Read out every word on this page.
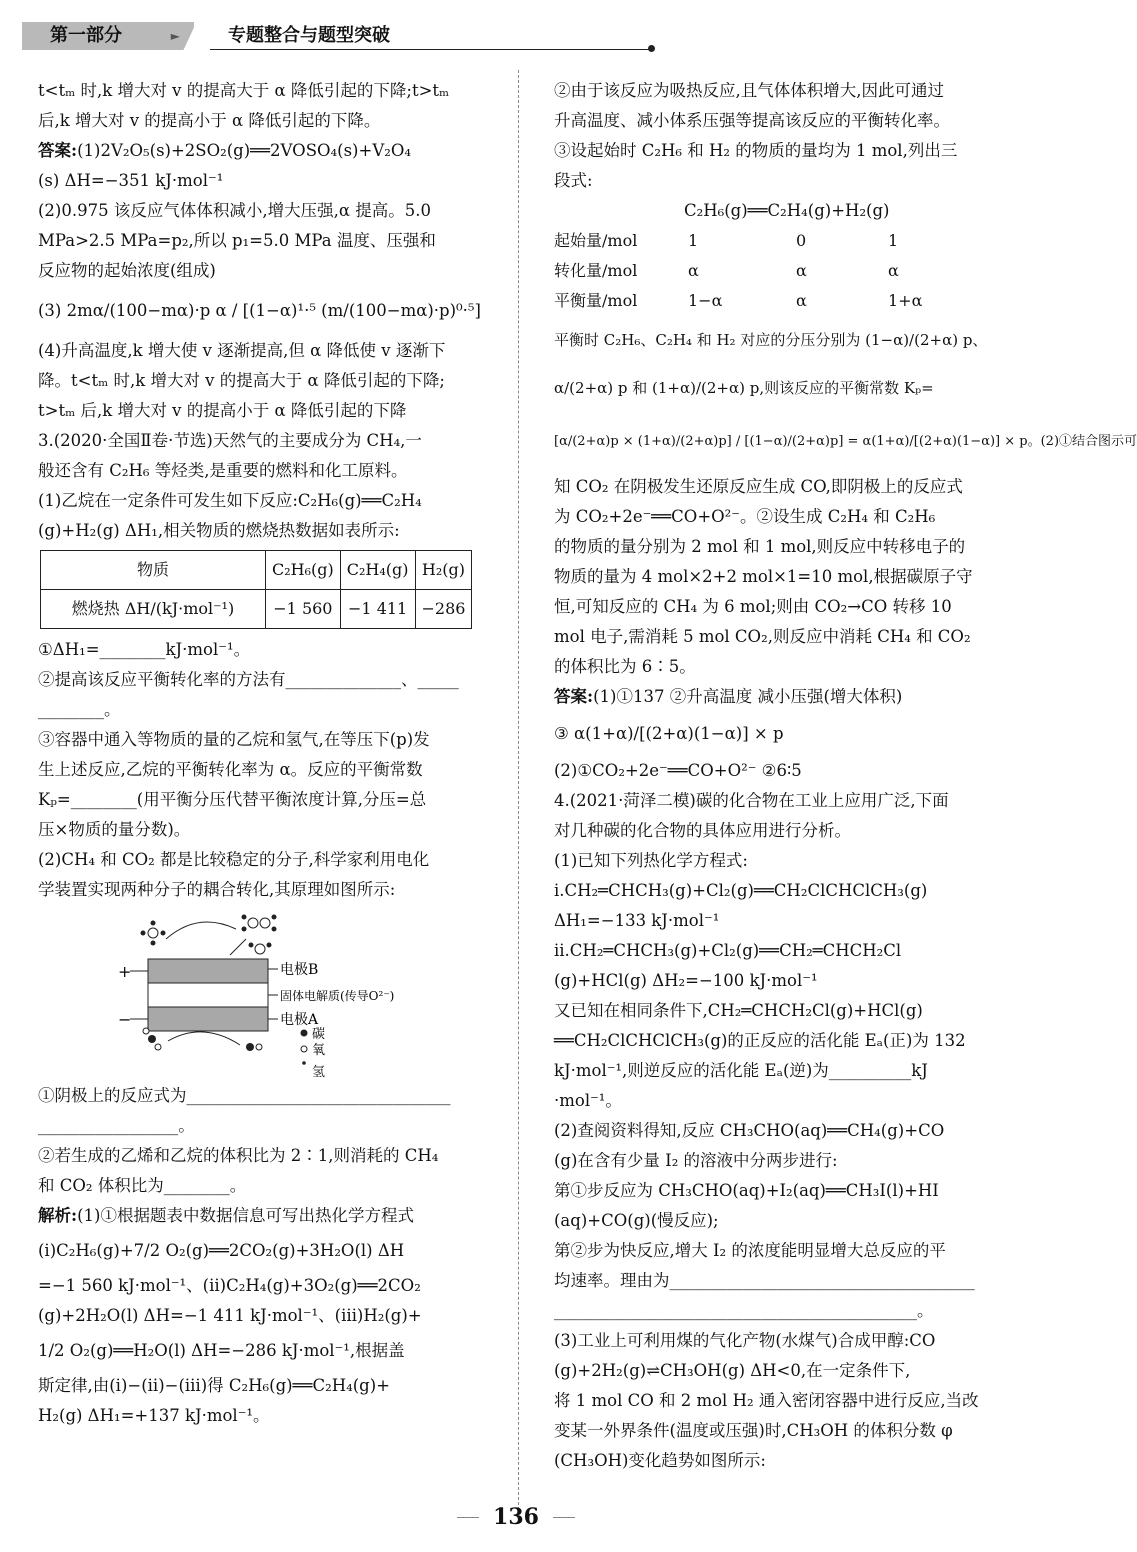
第一部分	►	专题整合与题型突破
t<tₘ 时,k 增大对 v 的提高大于 α 降低引起的下降;t>tₘ
后,k 增大对 v 的提高小于 α 降低引起的下降。
答案:(1)2V₂O₅(s)+2SO₂(g)══2VOSO₄(s)+V₂O₄
(s) ΔH=−351 kJ·mol⁻¹
(2)0.975 该反应气体体积减小,增大压强,α 提高。5.0
MPa>2.5 MPa=p₂,所以 p₁=5.0 MPa 温度、压强和
反应物的起始浓度(组成)
(3) 2mα/(100−mα)·p α / [(1−α)¹·⁵ (m/(100−mα)·p)⁰·⁵]
(4)升高温度,k 增大使 v 逐渐提高,但 α 降低使 v 逐渐下
降。t<tₘ 时,k 增大对 v 的提高大于 α 降低引起的下降;
t>tₘ 后,k 增大对 v 的提高小于 α 降低引起的下降
3.(2020·全国Ⅱ卷·节选)天然气的主要成分为 CH₄,一
般还含有 C₂H₆ 等烃类,是重要的燃料和化工原料。
(1)乙烷在一定条件可发生如下反应:C₂H₆(g)══C₂H₄
(g)+H₂(g) ΔH₁,相关物质的燃烧热数据如表所示:
物质	C₂H₆(g)	C₂H₄(g)	H₂(g)
燃烧热 ΔH/(kJ·mol⁻¹)	−1 560	−1 411	−286
①ΔH₁=________kJ·mol⁻¹。
②提高该反应平衡转化率的方法有______________、_____
________。
③容器中通入等物质的量的乙烷和氢气,在等压下(p)发
生上述反应,乙烷的平衡转化率为 α。反应的平衡常数
Kₚ=________(用平衡分压代替平衡浓度计算,分压=总
压×物质的量分数)。
(2)CH₄ 和 CO₂ 都是比较稳定的分子,科学家利用电化
学装置实现两种分子的耦合转化,其原理如图所示:
+
−
电极B
固体电解质(传导O²⁻)
电极A
碳
氧
氢
①阴极上的反应式为________________________________
_________________。
②若生成的乙烯和乙烷的体积比为 2∶1,则消耗的 CH₄
和 CO₂ 体积比为________。
解析:(1)①根据题表中数据信息可写出热化学方程式
(ⅰ)C₂H₆(g)+7/2 O₂(g)══2CO₂(g)+3H₂O(l) ΔH
=−1 560 kJ·mol⁻¹、(ⅱ)C₂H₄(g)+3O₂(g)══2CO₂
(g)+2H₂O(l) ΔH=−1 411 kJ·mol⁻¹、(ⅲ)H₂(g)+
1/2 O₂(g)══H₂O(l) ΔH=−286 kJ·mol⁻¹,根据盖
斯定律,由(ⅰ)−(ⅱ)−(ⅲ)得 C₂H₆(g)══C₂H₄(g)+
H₂(g) ΔH₁=+137 kJ·mol⁻¹。
②由于该反应为吸热反应,且气体体积增大,因此可通过
升高温度、减小体系压强等提高该反应的平衡转化率。
③设起始时 C₂H₆ 和 H₂ 的物质的量均为 1 mol,列出三
段式:
C₂H₆(g)══C₂H₄(g)+H₂(g)
起始量/mol	1	0	1
转化量/mol	α	α	α
平衡量/mol	1−α	α	1+α
平衡时 C₂H₆、C₂H₄ 和 H₂ 对应的分压分别为 (1−α)/(2+α) p、
α/(2+α) p 和 (1+α)/(2+α) p,则该反应的平衡常数 Kₚ=
[α/(2+α)p × (1+α)/(2+α)p] / [(1−α)/(2+α)p] = α(1+α)/[(2+α)(1−α)] × p。(2)①结合图示可
知 CO₂ 在阴极发生还原反应生成 CO,即阴极上的反应式
为 CO₂+2e⁻══CO+O²⁻。②设生成 C₂H₄ 和 C₂H₆
的物质的量分别为 2 mol 和 1 mol,则反应中转移电子的
物质的量为 4 mol×2+2 mol×1=10 mol,根据碳原子守
恒,可知反应的 CH₄ 为 6 mol;则由 CO₂→CO 转移 10
mol 电子,需消耗 5 mol CO₂,则反应中消耗 CH₄ 和 CO₂
的体积比为 6∶5。
答案:(1)①137 ②升高温度 减小压强(增大体积)
③ α(1+α)/[(2+α)(1−α)] × p
(2)①CO₂+2e⁻══CO+O²⁻ ②6∶5
4.(2021·菏泽二模)碳的化合物在工业上应用广泛,下面
对几种碳的化合物的具体应用进行分析。
(1)已知下列热化学方程式:
ⅰ.CH₂═CHCH₃(g)+Cl₂(g)══CH₂ClCHClCH₃(g)
ΔH₁=−133 kJ·mol⁻¹
ⅱ.CH₂═CHCH₃(g)+Cl₂(g)══CH₂═CHCH₂Cl
(g)+HCl(g) ΔH₂=−100 kJ·mol⁻¹
又已知在相同条件下,CH₂═CHCH₂Cl(g)+HCl(g)
══CH₂ClCHClCH₃(g)的正反应的活化能 Eₐ(正)为 132
kJ·mol⁻¹,则逆反应的活化能 Eₐ(逆)为__________kJ
·mol⁻¹。
(2)查阅资料得知,反应 CH₃CHO(aq)══CH₄(g)+CO
(g)在含有少量 I₂ 的溶液中分两步进行:
第①步反应为 CH₃CHO(aq)+I₂(aq)══CH₃I(l)+HI
(aq)+CO(g)(慢反应);
第②步为快反应,增大 I₂ 的浓度能明显增大总反应的平
均速率。理由为_____________________________________
____________________________________________。
(3)工业上可利用煤的气化产物(水煤气)合成甲醇:CO
(g)+2H₂(g)⇌CH₃OH(g) ΔH<0,在一定条件下,
将 1 mol CO 和 2 mol H₂ 通入密闭容器中进行反应,当改
变某一外界条件(温度或压强)时,CH₃OH 的体积分数 φ
(CH₃OH)变化趋势如图所示:
136
